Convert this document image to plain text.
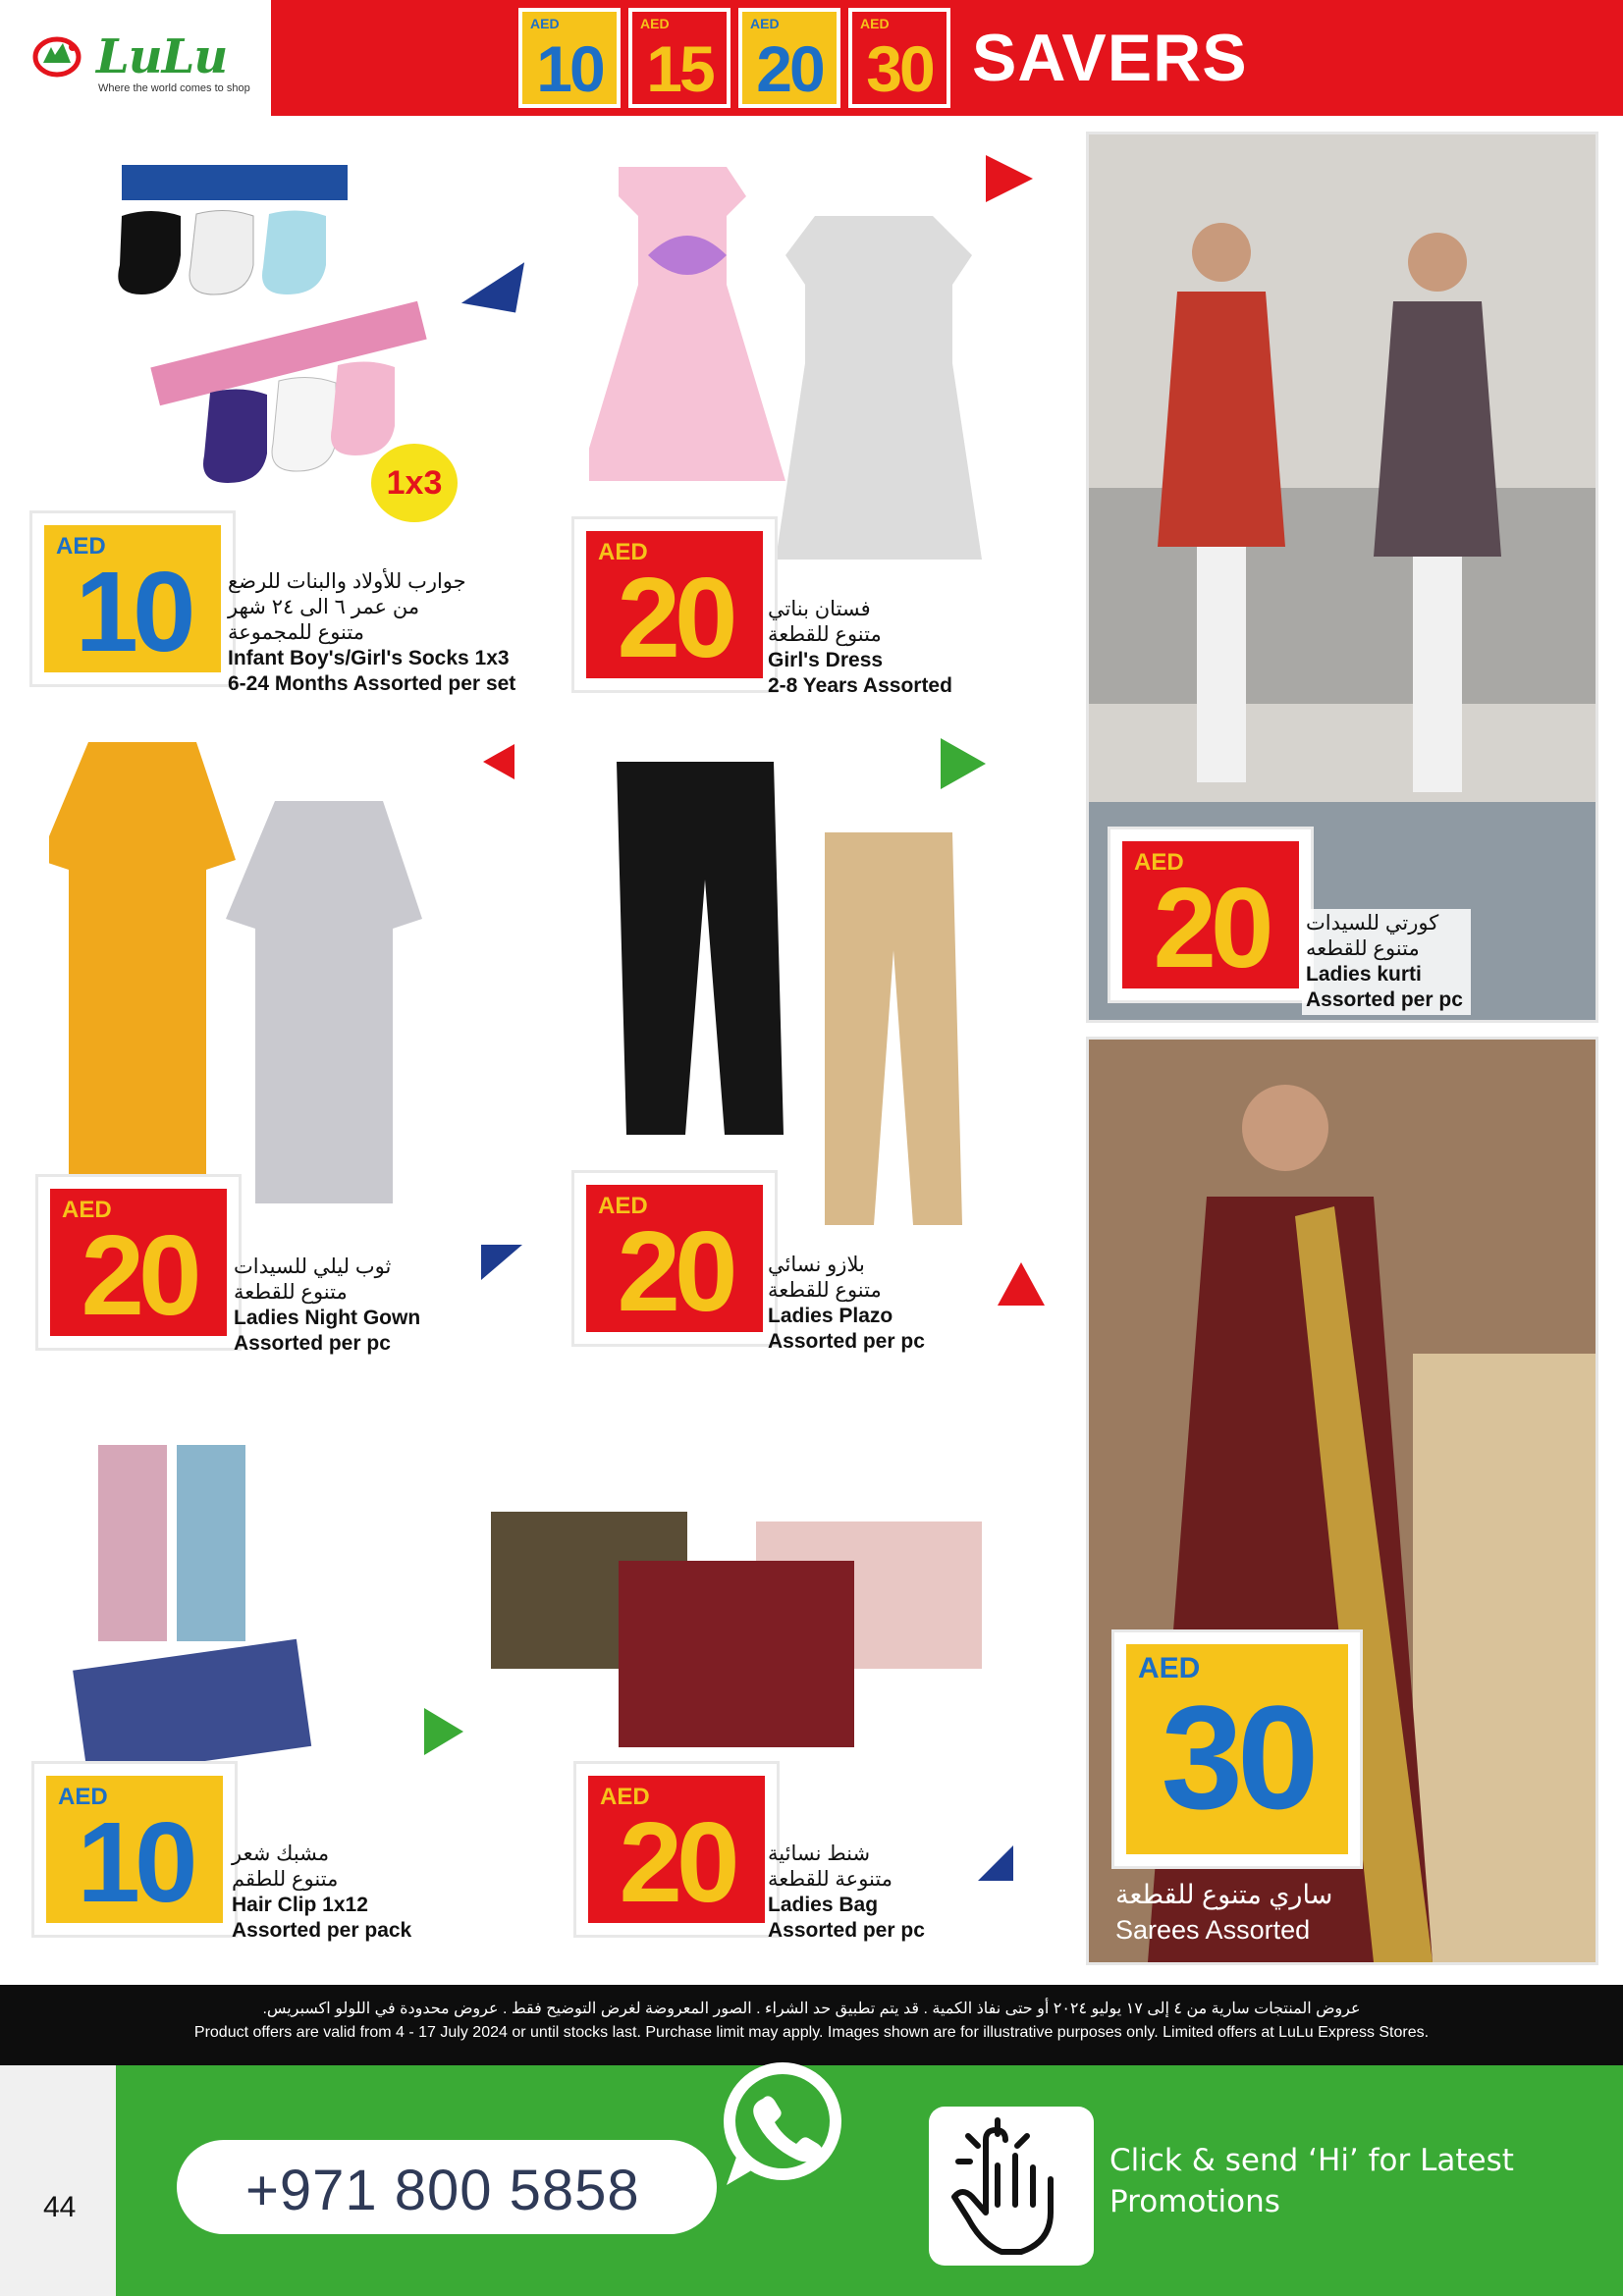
LuLu
Where the world comes to shop
AED
10
AED
15
AED
20
AED
30 SAVERS
1x3
AED
10	جوارب للأولاد والبنات للرضع
من عمر ٦ الى ٢٤ شهر
متنوع للمجموعة
Infant Boy's/Girl's Socks 1x3
6-24 Months Assorted per set
AED
20	فستان بناتي
متنوع للقطعة
Girl's Dress
2-8 Years Assorted
AED
20	كورتي للسيدات
متنوع للقطعه
Ladies kurti
Assorted per pc
AED
20	ثوب ليلي للسيدات
متنوع للقطعة
Ladies Night Gown
Assorted per pc
AED
20	بلازو نسائي
متنوع للقطعة
Ladies Plazo
Assorted per pc
AED
30
ساري متنوع للقطعة
Sarees Assorted
AED
10	مشبك شعر
متنوع للطقم
Hair Clip 1x12
Assorted per pack
AED
20	شنط نسائية
متنوعة للقطعة
Ladies Bag
Assorted per pc
عروض المنتجات سارية من ٤ إلى ١٧ يوليو ٢٠٢٤ أو حتى نفاذ الكمية . قد يتم تطبيق حد الشراء . الصور المعروضة لغرض التوضيح فقط . عروض محدودة في اللولو اكسبريس.
Product offers are valid from 4 - 17 July 2024 or until stocks last. Purchase limit may apply. Images shown are for illustrative purposes only. Limited offers at LuLu Express Stores.
44	+971 800 5858	Click & send ‘Hi’ for Latest Promotions
